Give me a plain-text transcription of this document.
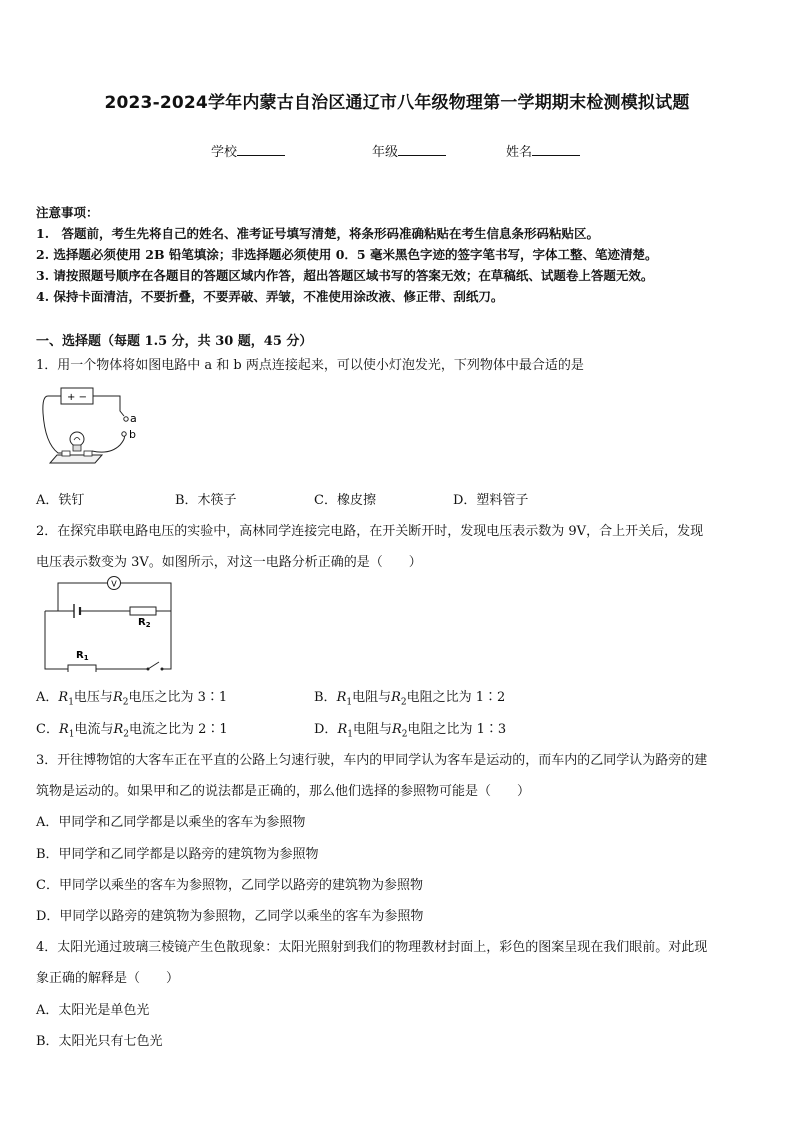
2023-2024学年内蒙古自治区通辽市八年级物理第一学期期末检测模拟试题
学校	年级	姓名
注意事项：
1.　答题前，考生先将自己的姓名、准考证号填写清楚，将条形码准确粘贴在考生信息条形码粘贴区。
2. 选择题必须使用 2B 铅笔填涂；非选择题必须使用 0．5 毫米黑色字迹的签字笔书写，字体工整、笔迹清楚。
3. 请按照题号顺序在各题目的答题区域内作答，超出答题区域书写的答案无效；在草稿纸、试题卷上答题无效。
4. 保持卡面清洁，不要折叠，不要弄破、弄皱，不准使用涂改液、修正带、刮纸刀。
一、选择题（每题 1.5 分，共 30 题，45 分）
1．用一个物体将如图电路中 a 和 b 两点连接起来，可以使小灯泡发光，下列物体中最合适的是
+ −
a
b
A．铁钉	B．木筷子	C．橡皮擦	D．塑料管子
2．在探究串联电路电压的实验中，高林同学连接完电路，在开关断开时，发现电压表示数为 9V，合上开关后，发现
电压表示数变为 3V。如图所示，对这一电路分析正确的是（　　）
V
$R_2$
$R_1$
A．$R_1$电压与$R_2$电压之比为 3∶1	B．$R_1$电阻与$R_2$电阻之比为 1∶2
C．$R_1$电流与$R_2$电流之比为 2∶1	D．$R_1$电阻与$R_2$电阻之比为 1∶3
3．开往博物馆的大客车正在平直的公路上匀速行驶，车内的甲同学认为客车是运动的，而车内的乙同学认为路旁的建
筑物是运动的。如果甲和乙的说法都是正确的，那么他们选择的参照物可能是（　　）
A．甲同学和乙同学都是以乘坐的客车为参照物
B．甲同学和乙同学都是以路旁的建筑物为参照物
C．甲同学以乘坐的客车为参照物，乙同学以路旁的建筑物为参照物
D．甲同学以路旁的建筑物为参照物，乙同学以乘坐的客车为参照物
4．太阳光通过玻璃三棱镜产生色散现象：太阳光照射到我们的物理教材封面上，彩色的图案呈现在我们眼前。对此现
象正确的解释是（　　）
A．太阳光是单色光
B．太阳光只有七色光
